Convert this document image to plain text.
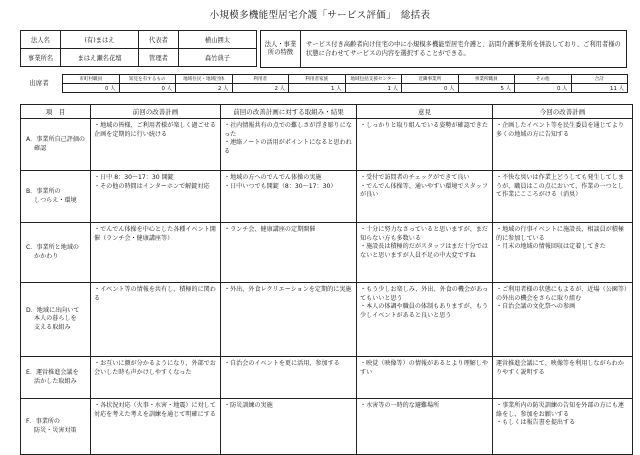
小規模多機能型居宅介護「サービス評価」　総括表
法人名	(有)まはえ	代表者	横山囲太
事業所名	まはえ瀬名花壇	管理者	森竹典子
法人・事業所の特徴	サービス付き高齢者向け住宅の中に小規模多機能型居宅介護と、訪問介護事業所を併設しており、ご利用者様の状態に合わせてサービスの内容を選択することができる。
出席者	市町村職員	知見を有するもの	地域住民・地域団体	利用者	利用者家族	地域包括支援センター	近隣事業所	事業所職員	その他	合計
0 人	0 人	2 人	2 人	1 人	1 人	0 人	5 人	0 人	11 人
項　目	前回の改善計画	前回の改善計画に対する取組み・結果	意見	今回の改善計画

A．事業所自己評価の
確認	・地域の皆様、ご利用者様が楽しく過ごせる企画を定期的に行い続ける	・社内情報共有の点での難しさが浮き彫りになった
・連絡ノートの活用がポイントになると思われる	・しっかりと取り組んでいる姿勢が確認できた	・企画したイベント等を民生委員を通じてより多くの地域の方に告知する

B．事業所の
しつらえ・環境	・日中 8：30～17：30 開錠
・その他の時間はインターホンで解錠対応	・地域の方へのでんでん体操の実施
・日中いつでも開錠（8：30～17：30）	・受付で訪問者のチェックができて良い
・でんでん体操等、通いやすい環境でスタッフが良い	・不快な臭いは作業上どうしても発生してしまうが、職員はこの点において、作業の一つとして作業にこころがける（消臭）

C．事業所と地域の
かかわり	・でんでん体操を中心とした各種イベント開催（ランチ会・健康講座等）	・ランチ会、健康講座の定期開催	・十分に努力なさっていると思いますが、まだ知らない方も多数いる
・施設長は積極的だがスタッフはまだ十分ではないと思いますが人員不足の中大変ですね	・地域の行事イベントに施設長、相談員が積極的に参加している
・月末の地域の情報回収は定着してきた

D．地域に出向いて
本人の暮らしを
支える取組み	・イベント等の情報を共有し、積極的に関わる	・外出、外食レクリエーションを定期的に実施	・もう少しお楽しみ、外出、外食の機会があってもいいと思う
・本人の体調や職員の体制もありますが、もう少しイベントがあると良いと思う	・ご利用者様の状態にもよるが、近場（公園等）の外出の機会をさらに取り組む
・自治会議の文化祭への参画

E．運営推進会議を
活かした取組み	・お互いに顔が分かるようになり、外部でお会いした時も声かけしやすくなった	・自治会のイベントを更に活用、参加する	・映覚（映像等）の情報があるとより理解しやすい	運営推進会議にて、映像等を利用しながらわかりやすく説明する

F．事業所の
防災・災害対策	・各状況対応（火事・水害・地震）に対して対応を考えた考えを訓練を通じて明確にする	・防災訓練の実施	・水害等の一時的な避難場所	・事業所内の防災訓練の告知を外部の方にも連絡をし、参加をお願いする
・もしくは報告書を提出する
